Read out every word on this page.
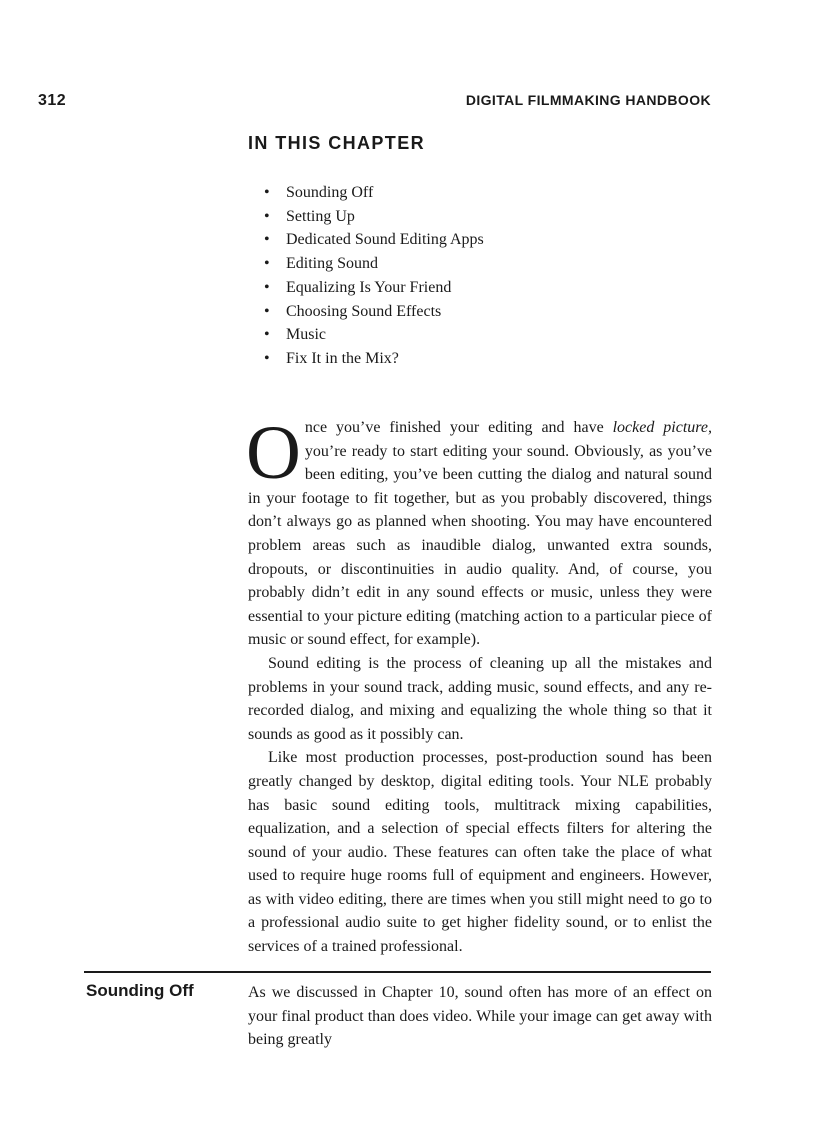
312	DIGITAL FILMMAKING HANDBOOK
IN THIS CHAPTER
• Sounding Off
• Setting Up
• Dedicated Sound Editing Apps
• Editing Sound
• Equalizing Is Your Friend
• Choosing Sound Effects
• Music
• Fix It in the Mix?

Once you’ve finished your editing and have locked picture, you’re ready to start editing your sound. Obviously, as you’ve been editing, you’ve been cutting the dialog and natural sound in your footage to fit together, but as you probably discovered, things don’t always go as planned when shooting. You may have encountered problem areas such as inaudible dialog, unwanted extra sounds, dropouts, or discontinuities in audio quality. And, of course, you probably didn’t edit in any sound effects or music, unless they were essential to your picture editing (matching action to a particular piece of music or sound effect, for example).

Sound editing is the process of cleaning up all the mistakes and problems in your sound track, adding music, sound effects, and any re-recorded dialog, and mixing and equalizing the whole thing so that it sounds as good as it possibly can.

Like most production processes, post-production sound has been greatly changed by desktop, digital editing tools. Your NLE probably has basic sound editing tools, multitrack mixing capabilities, equalization, and a selection of special effects filters for altering the sound of your audio. These features can often take the place of what used to require huge rooms full of equipment and engineers. However, as with video editing, there are times when you still might need to go to a professional audio suite to get higher fidelity sound, or to enlist the services of a trained professional.

Sounding Off	As we discussed in Chapter 10, sound often has more of an effect on your final product than does video. While your image can get away with being greatly
